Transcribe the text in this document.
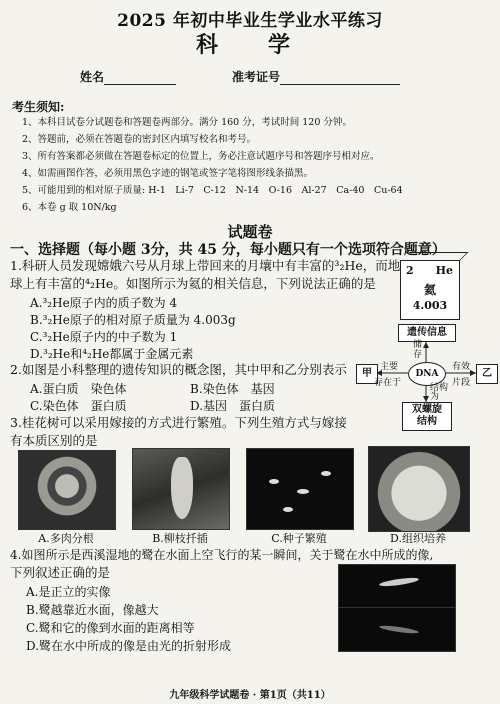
2025 年初中毕业生学业水平练习
科　学
姓名	准考证号
考生须知:
1、本科目试卷分试题卷和答题卷两部分。满分 160 分，考试时间 120 分钟。
2、答题前，必须在答题卷的密封区内填写校名和考号。
3、所有答案都必须做在答题卷标定的位置上，务必注意试题序号和答题序号相对应。
4、如需画图作答，必须用黑色字迹的钢笔或签字笔将图形线条描黑。
5、可能用到的相对原子质量: H-1　Li-7　C-12　N-14　O-16　Al-27　Ca-40　Cu-64
6、本卷 g 取 10N/kg
试题卷
一、选择题（每小题 3分，共 45 分，每小题只有一个选项符合题意）
1.科研人员发现嫦娥六号从月球上带回来的月壤中有丰富的³₂He，而地
球上有丰富的⁴₂He。如图所示为氦的相关信息，下列说法正确的是
A.³₂He原子内的质子数为 4
B.³₂He原子的相对原子质量为 4.003g
C.³₂He原子内的中子数为 1
D.³₂He和⁴₂He都属于金属元素
2 He
氦
4.003
2.如图是小科整理的遗传知识的概念图，其中甲和乙分别表示
A.蛋白质　染色体	B.染色体　基因
C.染色体　蛋白质	D.基因　蛋白质
遗传信息
DNA
甲	乙
双螺旋
结构
储
存
主要
存在于
有效
片段
结构
为
3.桂花树可以采用嫁接的方式进行繁殖。下列生殖方式与嫁接
有本质区别的是
A.多肉分根	B.柳枝扦插	C.种子繁殖	D.组织培养
4.如图所示是西溪湿地的鹭在水面上空飞行的某一瞬间，关于鹭在水中所成的像,
下列叙述正确的是
A.是正立的实像
B.鹭越靠近水面，像越大
C.鹭和它的像到水面的距离相等
D.鹭在水中所成的像是由光的折射形成
九年级科学试题卷 · 第1页（共11）
